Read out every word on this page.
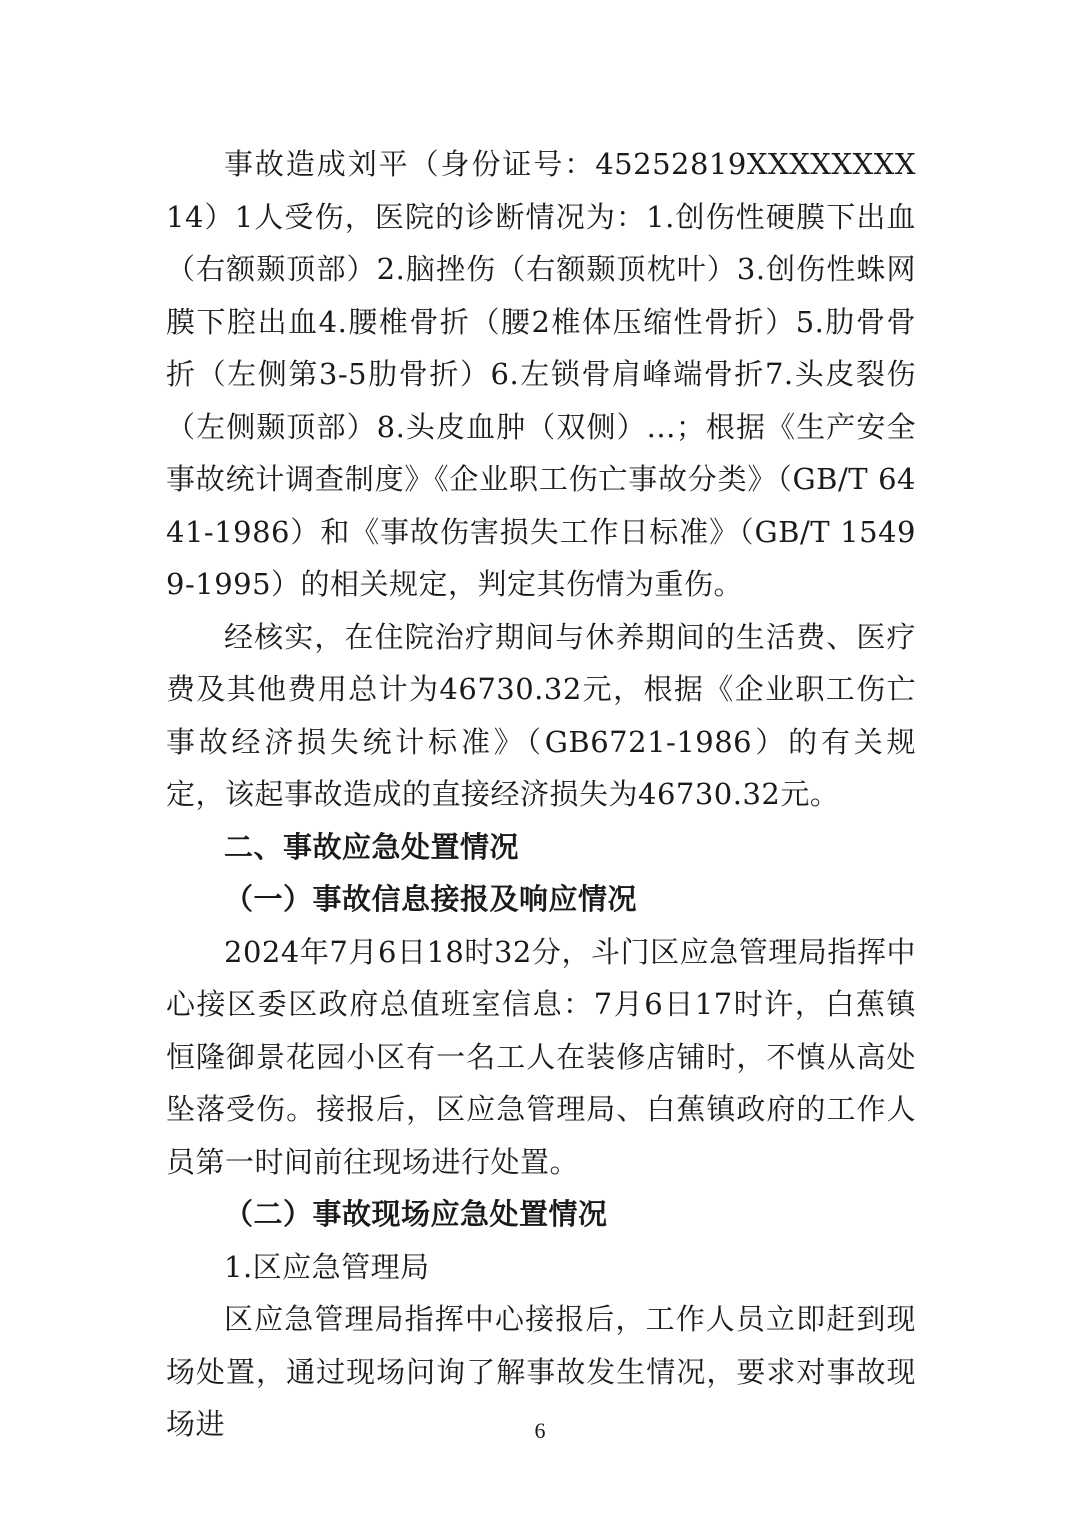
事故造成刘平（身份证号：45252819XXXXXXXX14）1人受伤，医院的诊断情况为：1.创伤性硬膜下出血（右额颞顶部）2.脑挫伤（右额颞顶枕叶）3.创伤性蛛网膜下腔出血4.腰椎骨折（腰2椎体压缩性骨折）5.肋骨骨折（左侧第3-5肋骨折）6.左锁骨肩峰端骨折7.头皮裂伤（左侧颞顶部）8.头皮血肿（双侧）...；根据《生产安全事故统计调查制度》《企业职工伤亡事故分类》（GB/T 6441-1986）和《事故伤害损失工作日标准》（GB/T 15499-1995）的相关规定，判定其伤情为重伤。

经核实，在住院治疗期间与休养期间的生活费、医疗费及其他费用总计为46730.32元，根据《企业职工伤亡事故经济损失统计标准》（GB6721-1986）的有关规定，该起事故造成的直接经济损失为46730.32元。

二、事故应急处置情况

（一）事故信息接报及响应情况

2024年7月6日18时32分，斗门区应急管理局指挥中心接区委区政府总值班室信息：7月6日17时许，白蕉镇恒隆御景花园小区有一名工人在装修店铺时，不慎从高处坠落受伤。接报后，区应急管理局、白蕉镇政府的工作人员第一时间前往现场进行处置。

（二）事故现场应急处置情况

1.区应急管理局

区应急管理局指挥中心接报后，工作人员立即赶到现场处置，通过现场问询了解事故发生情况，要求对事故现场进	6
